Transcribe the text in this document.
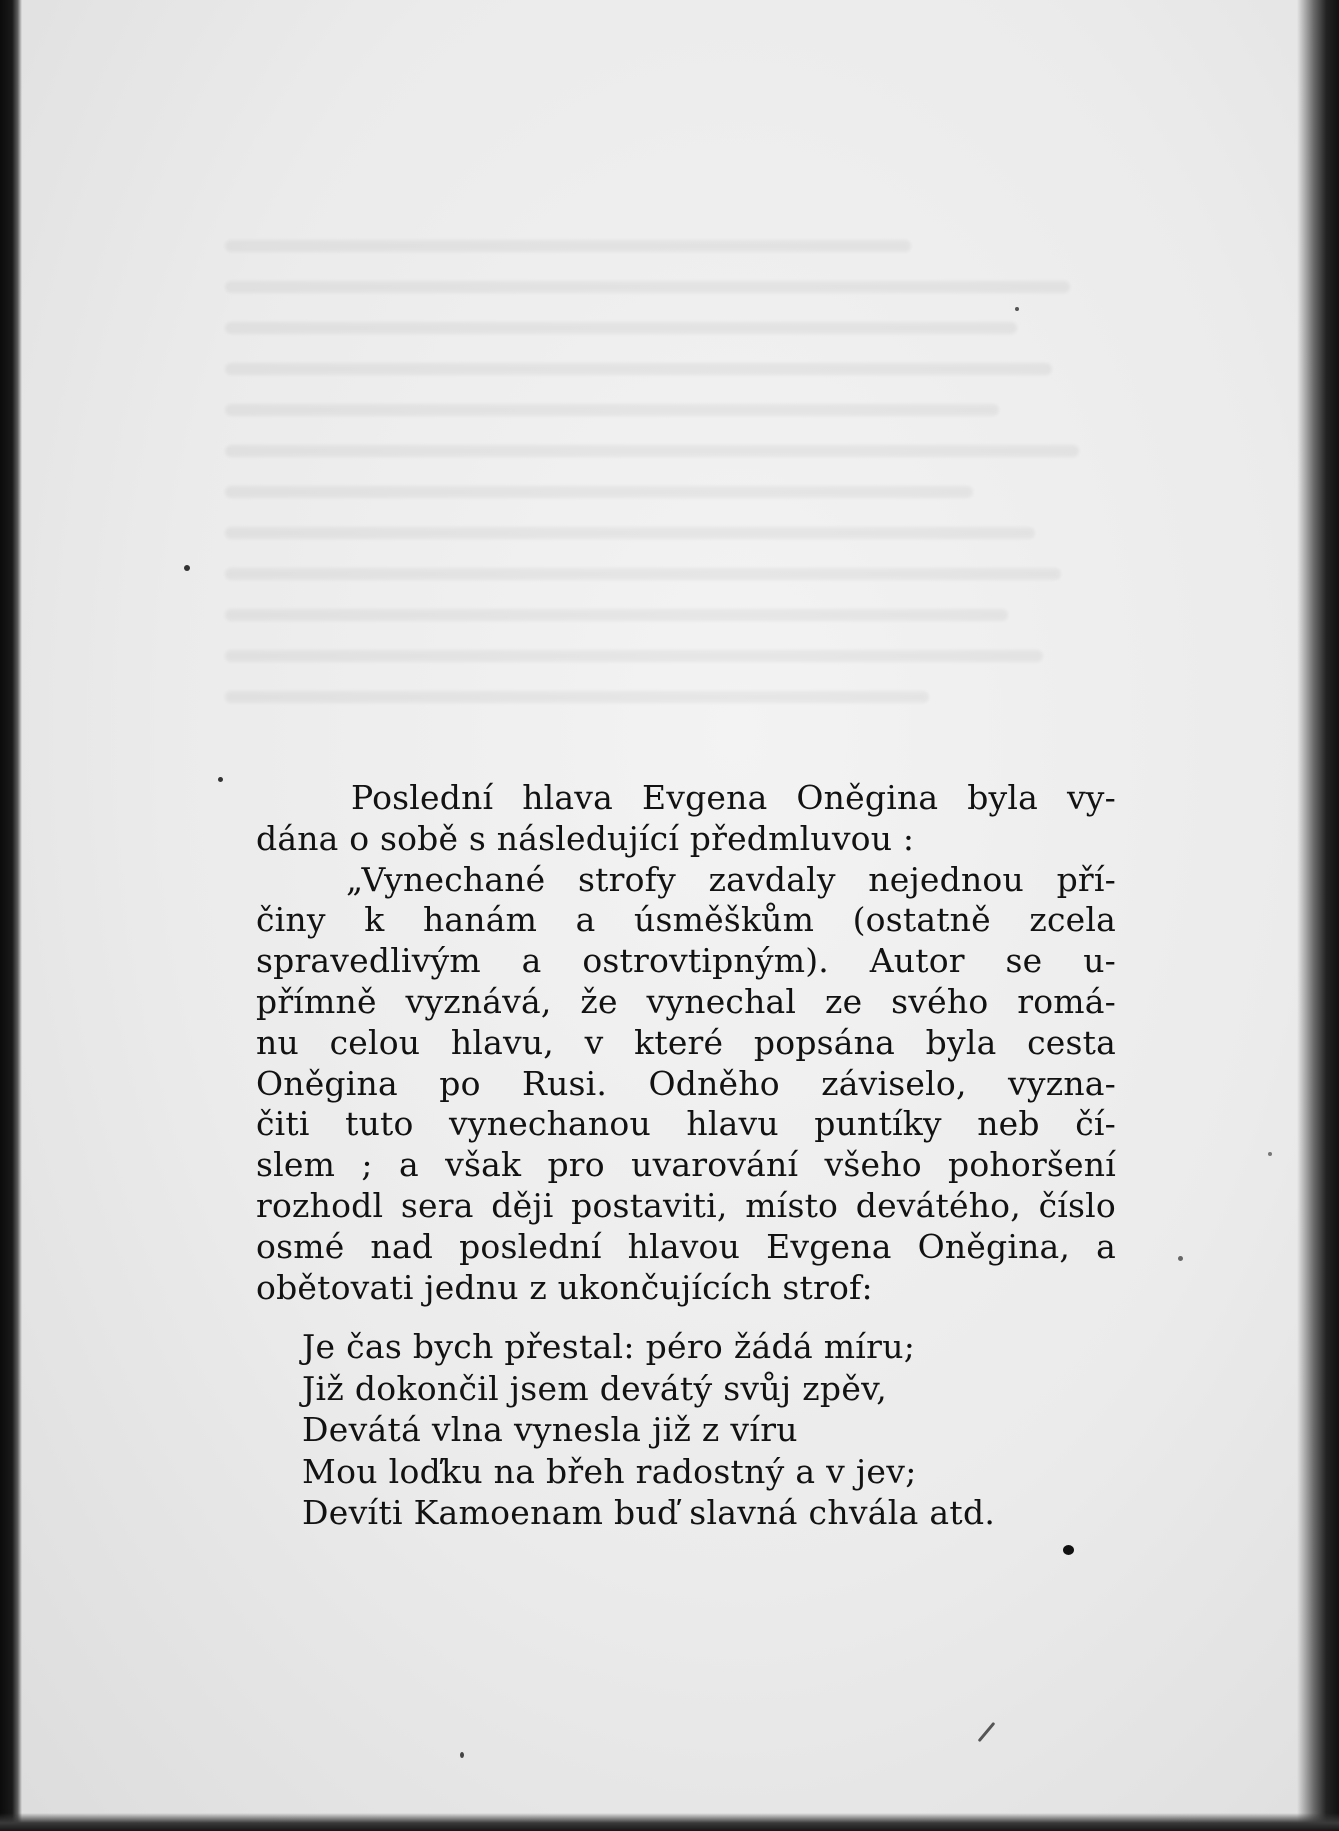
Poslední hlava Evgena Oněgina byla vy-

dána o sobě s následující předmluvou :

„Vynechané strofy zavdaly nejednou pří-

činy k hanám a úsměškům (ostatně zcela

spravedlivým a ostrovtipným). Autor se u-

přímně vyznává, že vynechal ze svého romá-

nu celou hlavu, v které popsána byla cesta

Oněgina po Rusi. Odněho záviselo, vyzna-

čiti tuto vynechanou hlavu puntíky neb čí-

slem ; a však pro uvarování všeho pohoršení

rozhodl sera ději postaviti, místo devátého, číslo

osmé nad poslední hlavou Evgena Oněgina, a

obětovati jednu z ukončujících strof:

Je čas bych přestal: péro žádá míru;
Již dokončil jsem devátý svůj zpěv,
Devátá vlna vynesla již z víru
Mou loďku na břeh radostný a v jev;
Devíti Kamoenam buď slavná chvála atd.
